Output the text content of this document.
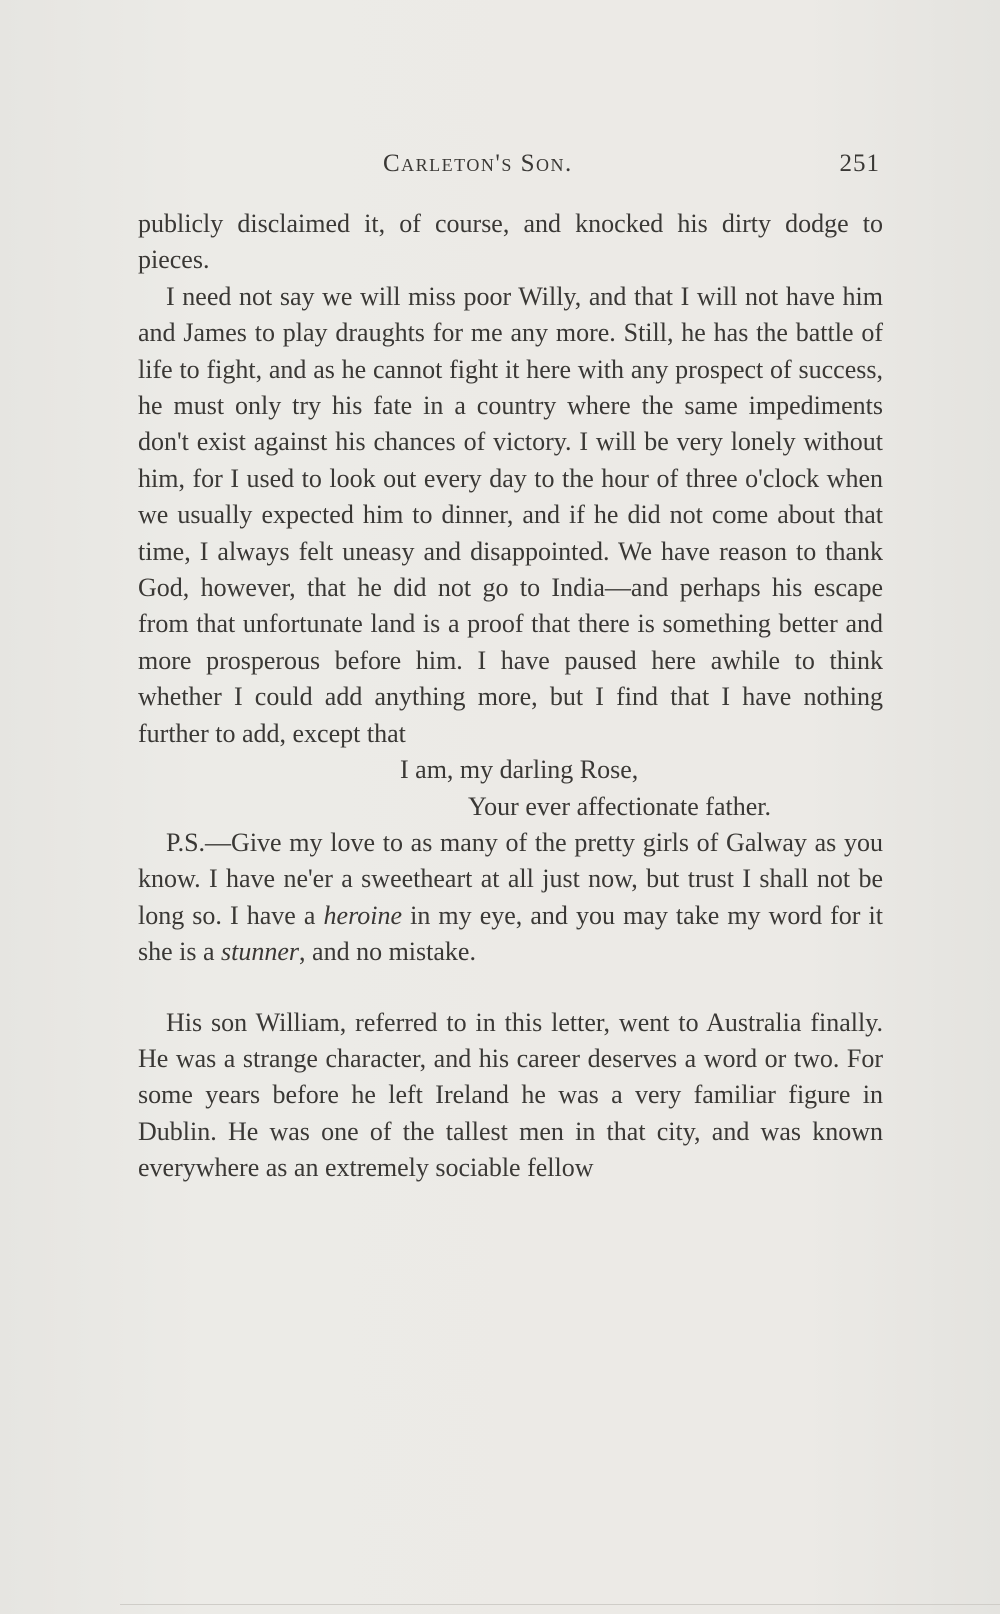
Carleton's Son.	251

publicly disclaimed it, of course, and knocked his dirty dodge to pieces.

I need not say we will miss poor Willy, and that I will not have him and James to play draughts for me any more. Still, he has the battle of life to fight, and as he cannot fight it here with any prospect of success, he must only try his fate in a country where the same impediments don't exist against his chances of victory. I will be very lonely without him, for I used to look out every day to the hour of three o'clock when we usually expected him to dinner, and if he did not come about that time, I always felt uneasy and disappointed. We have reason to thank God, however, that he did not go to India—and perhaps his escape from that unfortunate land is a proof that there is something better and more prosperous before him. I have paused here awhile to think whether I could add anything more, but I find that I have nothing further to add, except that

I am, my darling Rose,

Your ever affectionate father.

P.S.—Give my love to as many of the pretty girls of Galway as you know. I have ne'er a sweetheart at all just now, but trust I shall not be long so. I have a heroine in my eye, and you may take my word for it she is a stunner, and no mistake.

His son William, referred to in this letter, went to Australia finally. He was a strange character, and his career deserves a word or two. For some years before he left Ireland he was a very familiar figure in Dublin. He was one of the tallest men in that city, and was known everywhere as an extremely sociable fellow
